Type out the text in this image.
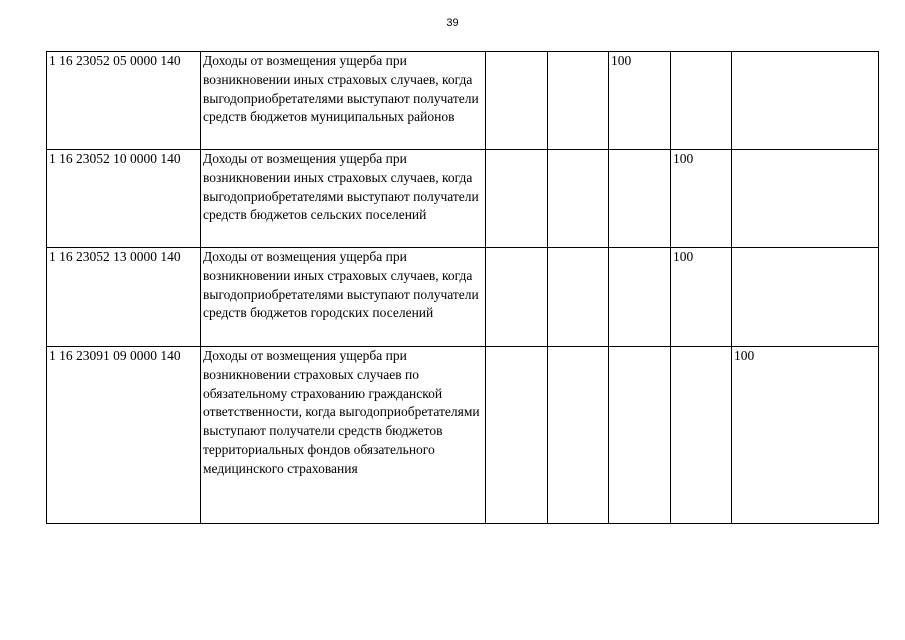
39
1 16 23052 05 0000 140	Доходы от возмещения ущерба при возникновении иных страховых случаев, когда выгодоприобретателями выступают получатели средств бюджетов муниципальных районов			100		
1 16 23052 10 0000 140	Доходы от возмещения ущерба при возникновении иных страховых случаев, когда выгодоприобретателями выступают получатели средств бюджетов сельских поселений				100	
1 16 23052 13 0000 140	Доходы от возмещения ущерба при возникновении иных страховых случаев, когда выгодоприобретателями выступают получатели средств бюджетов городских поселений				100	
1 16 23091 09 0000 140	Доходы от возмещения ущерба при возникновении страховых случаев по обязательному страхованию гражданской ответственности, когда выгодоприобретателями выступают получатели средств бюджетов территориальных фондов обязательного медицинского страхования					100
